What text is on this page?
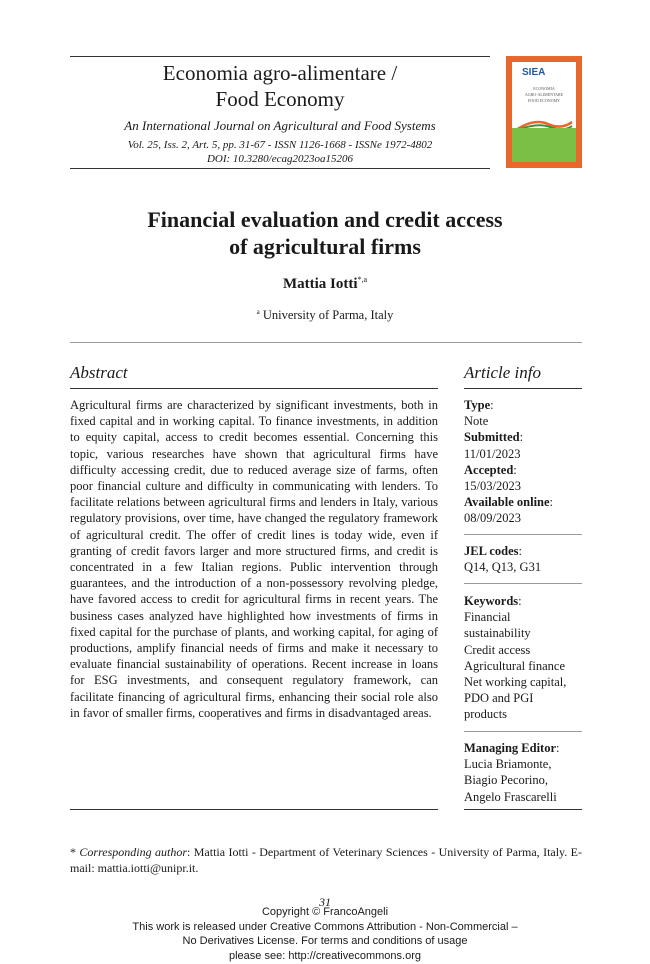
Economia agro-alimentare /
Food Economy
An International Journal on Agricultural and Food Systems
Vol. 25, Iss. 2, Art. 5, pp. 31-67 - ISSN 1126-1668 - ISSNe 1972-4802
DOI: 10.3280/ecag2023oa15206
SIEA
ECONOMIA
AGRO-ALIMENTARE
FOOD ECONOMY
Financial evaluation and credit access
of agricultural firms
Mattia Iotti$^{*,a}$
$^a$ University of Parma, Italy
Abstract
Agricultural firms are characterized by significant investments, both in fixed capital and in working capital. To finance investments, in addition to equity capital, access to credit becomes essential. Concerning this topic, various researches have shown that agricultural firms have difficulty accessing credit, due to reduced average size of farms, often poor financial culture and difficulty in communicating with lenders. To facilitate relations between agricultural firms and lenders in Italy, various regulatory provisions, over time, have changed the regulatory framework of agricultural credit. The offer of credit lines is today wide, even if granting of credit favors larger and more structured firms, and credit is concentrated in a few Italian regions. Public intervention through guarantees, and the introduction of a non-possessory revolving pledge, have favored access to credit for agricultural firms in recent years. The business cases analyzed have highlighted how investments of firms in fixed capital for the purchase of plants, and working capital, for aging of productions, amplify financial needs of firms and make it necessary to evaluate financial sustainability of operations. Recent increase in loans for ESG investments, and consequent regulatory framework, can facilitate financing of agricultural firms, enhancing their social role also in favor of smaller firms, cooperatives and firms in disadvantaged areas.
Article info
Type:
Note
Submitted:
11/01/2023
Accepted:
15/03/2023
Available online:
08/09/2023
JEL codes:
Q14, Q13, G31
Keywords:
Financial
sustainability
Credit access
Agricultural finance
Net working capital,
PDO and PGI
products
Managing Editor:
Lucia Briamonte,
Biagio Pecorino,
Angelo Frascarelli
* Corresponding author: Mattia Iotti - Department of Veterinary Sciences - University of Parma, Italy. E-mail: mattia.iotti@unipr.it.
31
Copyright © FrancoAngeli
This work is released under Creative Commons Attribution - Non-Commercial –
No Derivatives License. For terms and conditions of usage
please see: http://creativecommons.org
